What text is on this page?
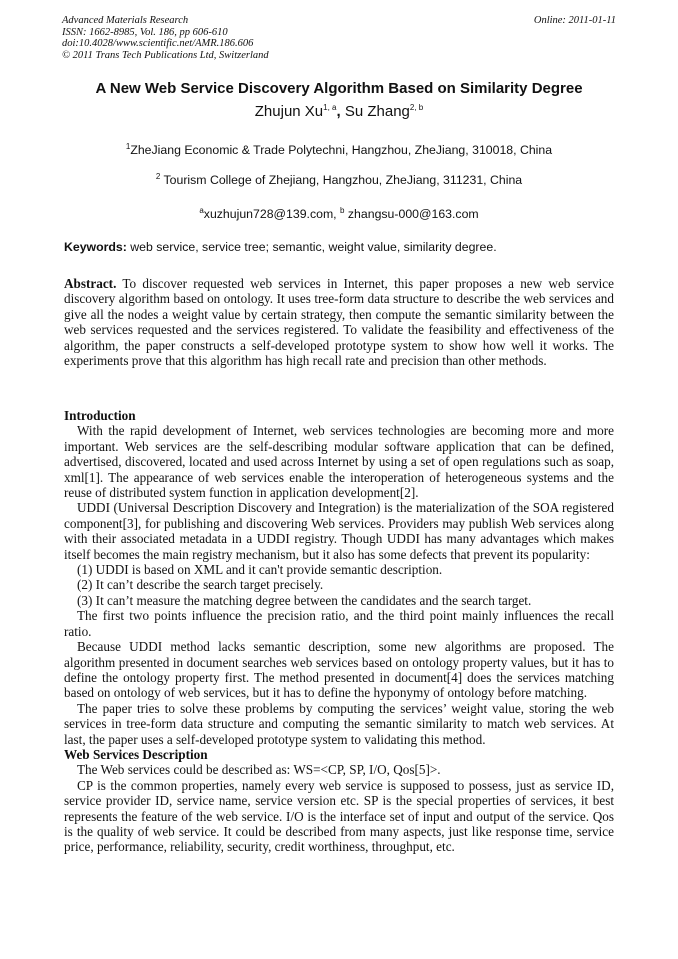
Advanced Materials Research
ISSN: 1662-8985, Vol. 186, pp 606-610
doi:10.4028/www.scientific.net/AMR.186.606
© 2011 Trans Tech Publications Ltd, Switzerland
Online: 2011-01-11
A New Web Service Discovery Algorithm Based on Similarity Degree
Zhujun Xu$^{1, a}$, Su Zhang$^{2, b}$
$^1$ZheJiang Economic & Trade Polytechni, Hangzhou, ZheJiang, 310018, China
$^2$ Tourism College of Zhejiang, Hangzhou, ZheJiang, 311231, China
$^a$xuzhujun728@139.com, $^b$ zhangsu-000@163.com
Keywords: web service, service tree; semantic, weight value, similarity degree.

Abstract. To discover requested web services in Internet, this paper proposes a new web service discovery algorithm based on ontology. It uses tree-form data structure to describe the web services and give all the nodes a weight value by certain strategy, then compute the semantic similarity between the web services requested and the services registered. To validate the feasibility and effectiveness of the algorithm, the paper constructs a self-developed prototype system to show how well it works. The experiments prove that this algorithm has high recall rate and precision than other methods.

Introduction

With the rapid development of Internet, web services technologies are becoming more and more important. Web services are the self-describing modular software application that can be defined, advertised, discovered, located and used across Internet by using a set of open regulations such as soap, xml[1]. The appearance of web services enable the interoperation of heterogeneous systems and the reuse of distributed system function in application development[2].

UDDI (Universal Description Discovery and Integration) is the materialization of the SOA registered component[3], for publishing and discovering Web services. Providers may publish Web services along with their associated metadata in a UDDI registry. Though UDDI has many advantages which makes itself becomes the main registry mechanism, but it also has some defects that prevent its popularity:

(1) UDDI is based on XML and it can't provide semantic description.
(2) It can’t describe the search target precisely.
(3) It can’t measure the matching degree between the candidates and the search target.

The first two points influence the precision ratio, and the third point mainly influences the recall ratio.

Because UDDI method lacks semantic description, some new algorithms are proposed. The algorithm presented in document searches web services based on ontology property values, but it has to define the ontology property first. The method presented in document[4] does the services matching based on ontology of web services, but it has to define the hyponymy of ontology before matching.

The paper tries to solve these problems by computing the services’ weight value, storing the web services in tree-form data structure and computing the semantic similarity to match web services. At last, the paper uses a self-developed prototype system to validating this method.

Web Services Description

The Web services could be described as: WS=<CP, SP, I/O, Qos[5]>.

CP is the common properties, namely every web service is supposed to possess, just as service ID, service provider ID, service name, service version etc. SP is the special properties of services, it best represents the feature of the web service. I/O is the interface set of input and output of the service. Qos is the quality of web service. It could be described from many aspects, just like response time, service price, performance, reliability, security, credit worthiness, throughput, etc.
